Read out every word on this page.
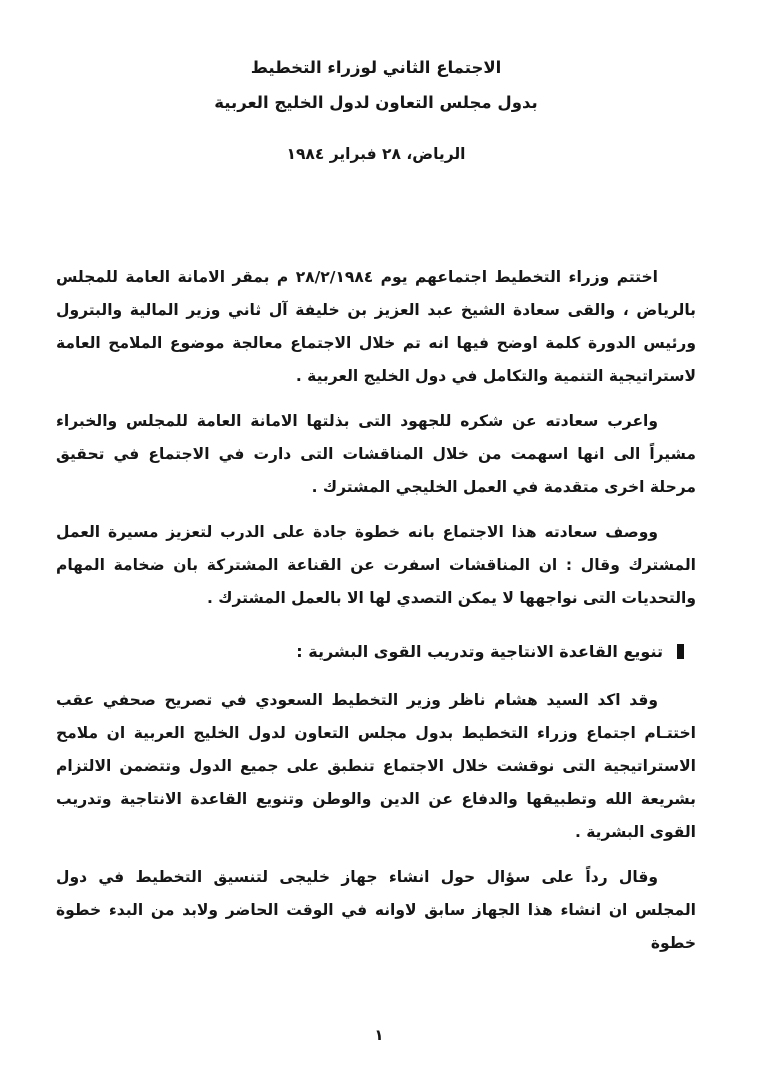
الاجتماع الثاني لوزراء التخطيط
بدول مجلس التعاون لدول الخليج العربية
الرياض، ٢٨ فبراير ١٩٨٤

اختتم وزراء التخطيط اجتماعهم يوم ٢٨/٢/١٩٨٤ م بمقر الامانة العامة للمجلس بالرياض ، والقى سعادة الشيخ عبد العزيز بن خليفة آل ثاني وزير المالية والبترول ورئيس الدورة كلمة اوضح فيها انه تم خلال الاجتماع معالجة موضوع الملامح العامة لاستراتيجية التنمية والتكامل في دول الخليج العربية .

واعرب سعادته عن شكره للجهود التى بذلتها الامانة العامة للمجلس والخبراء مشيراً الى انها اسهمت من خلال المناقشات التى دارت في الاجتماع في تحقيق مرحلة اخرى متقدمة في العمل الخليجي المشترك .

ووصف سعادته هذا الاجتماع بانه خطوة جادة على الدرب لتعزيز مسيرة العمل المشترك وقال : ان المناقشات اسفرت عن القناعة المشتركة بان ضخامة المهام والتحديات التى نواجهها لا يمكن التصدي لها الا بالعمل المشترك .

تنويع القاعدة الانتاجية وتدريب القوى البشرية :

وقد اكد السيد هشام ناظر وزير التخطيط السعودي في تصريح صحفي عقب اختتـام اجتماع وزراء التخطيط بدول مجلس التعاون لدول الخليج العربية ان ملامح الاستراتيجية التى نوقشت خلال الاجتماع تنطبق على جميع الدول وتتضمن الالتزام بشريعة الله وتطبيقها والدفاع عن الدين والوطن وتنويع القاعدة الانتاجية وتدريب القوى البشرية .

وقال رداً على سؤال حول انشاء جهاز خليجى لتنسيق التخطيط في دول المجلس ان انشاء هذا الجهاز سابق لاوانه في الوقت الحاضر ولابد من البدء خطوة خطوة

١
